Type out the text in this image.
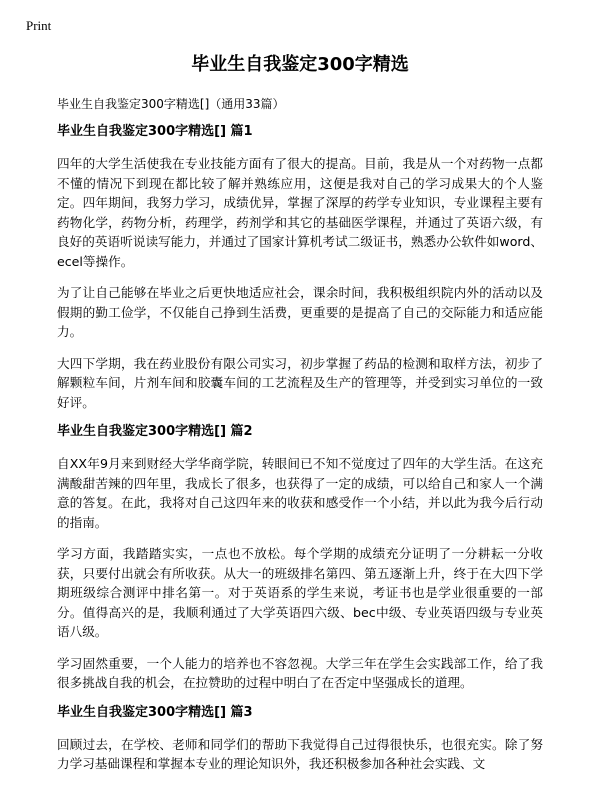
Print
毕业生自我鉴定300字精选

毕业生自我鉴定300字精选[]（通用33篇）

毕业生自我鉴定300字精选[] 篇1

四年的大学生活使我在专业技能方面有了很大的提高。目前，我是从一个对药物一点都不懂的情况下到现在都比较了解并熟练应用，这便是我对自己的学习成果大的个人鉴定。四年期间，我努力学习，成绩优异，掌握了深厚的药学专业知识，专业课程主要有药物化学，药物分析，药理学，药剂学和其它的基础医学课程，并通过了英语六级，有良好的英语听说读写能力，并通过了国家计算机考试二级证书，熟悉办公软件如word、ecel等操作。

为了让自己能够在毕业之后更快地适应社会，课余时间，我积极组织院内外的活动以及假期的勤工俭学，不仅能自己挣到生活费，更重要的是提高了自己的交际能力和适应能力。

大四下学期，我在药业股份有限公司实习，初步掌握了药品的检测和取样方法，初步了解颗粒车间，片剂车间和胶囊车间的工艺流程及生产的管理等，并受到实习单位的一致好评。

毕业生自我鉴定300字精选[] 篇2

自XX年9月来到财经大学华商学院，转眼间已不知不觉度过了四年的大学生活。在这充满酸甜苦辣的四年里，我成长了很多，也获得了一定的成绩，可以给自己和家人一个满意的答复。在此，我将对自己这四年来的收获和感受作一个小结，并以此为我今后行动的指南。

学习方面，我踏踏实实，一点也不放松。每个学期的成绩充分证明了一分耕耘一分收获，只要付出就会有所收获。从大一的班级排名第四、第五逐渐上升，终于在大四下学期班级综合测评中排名第一。对于英语系的学生来说，考证书也是学业很重要的一部分。值得高兴的是，我顺利通过了大学英语四六级、bec中级、专业英语四级与专业英语八级。

学习固然重要，一个人能力的培养也不容忽视。大学三年在学生会实践部工作，给了我很多挑战自我的机会，在拉赞助的过程中明白了在否定中坚强成长的道理。

毕业生自我鉴定300字精选[] 篇3

回顾过去，在学校、老师和同学们的帮助下我觉得自己过得很快乐，也很充实。除了努力学习基础课程和掌握本专业的理论知识外，我还积极参加各种社会实践、文
